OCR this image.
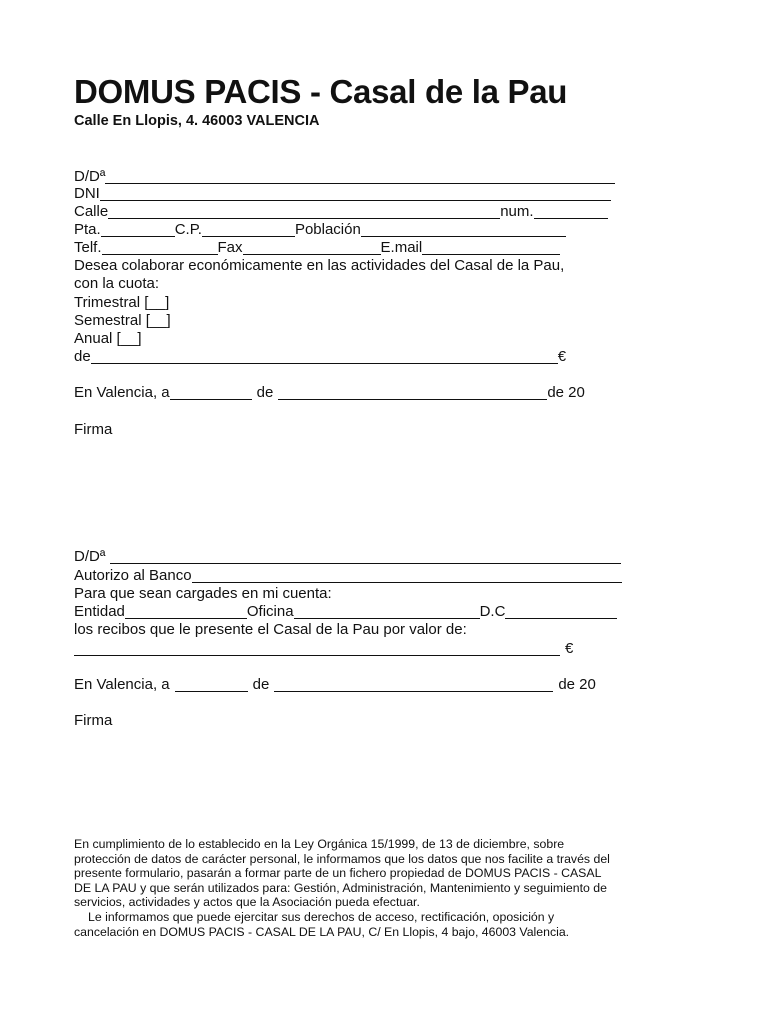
DOMUS PACIS - Casal de la Pau
Calle En Llopis, 4. 46003 VALENCIA
D/Dª
DNI
Calle	num.
Pta.	C.P.	Población
Telf.	Fax	E.mail
Desea colaborar económicamente en las actividades del Casal de la Pau,
con la cuota:
Trimestral [__]
Semestral [__]
Anual [__]
de	€
En Valencia, a	de	de 20
Firma
D/Dª
Autorizo al Banco
Para que sean cargades en mi cuenta:
Entidad	Oficina	D.C
los recibos que le presente el Casal de la Pau por valor de:
€
En Valencia, a	de	de 20
Firma

En cumplimiento de lo establecido en la Ley Orgánica 15/1999, de 13 de diciembre, sobre

protección de datos de carácter personal, le informamos que los datos que nos facilite a través del

presente formulario, pasarán a formar parte de un fichero propiedad de DOMUS PACIS - CASAL

DE LA PAU y que serán utilizados para: Gestión, Administración, Mantenimiento y seguimiento de

servicios, actividades y actos que la Asociación pueda efectuar.

Le informamos que puede ejercitar sus derechos de acceso, rectificación, oposición y

cancelación en DOMUS PACIS - CASAL DE LA PAU, C/ En Llopis, 4 bajo, 46003 Valencia.
